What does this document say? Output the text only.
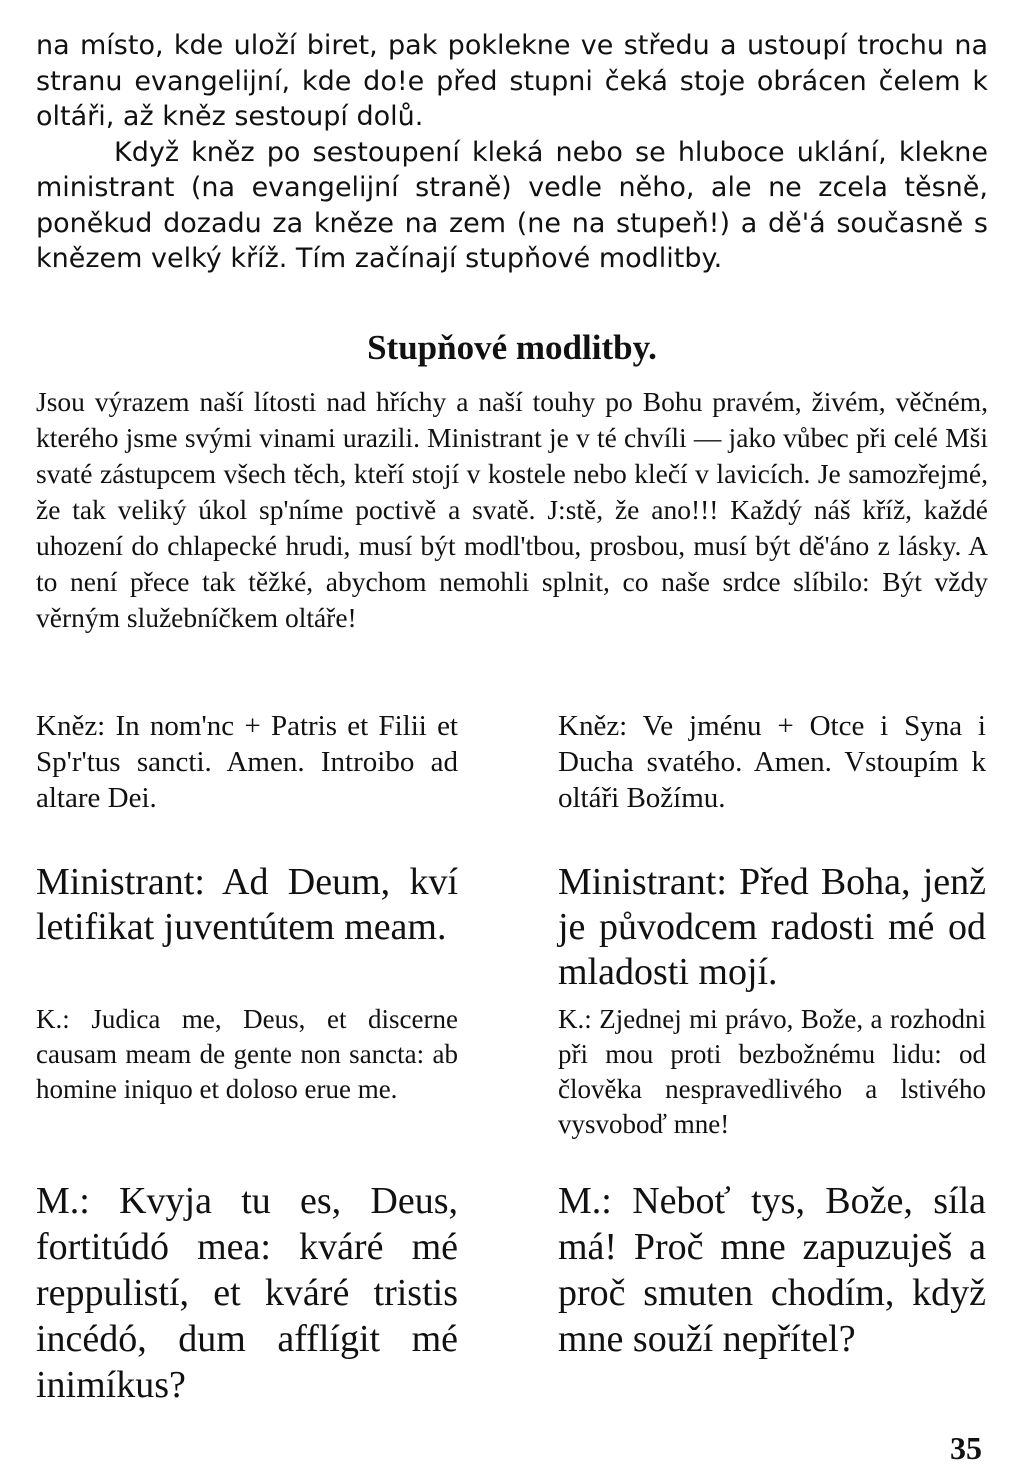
na místo, kde uloží biret, pak poklekne ve středu a ustoupí trochu na stranu evangelijní, kde do!e před stupni čeká stoje obrácen čelem k oltáři, až kněz sestoupí dolů.

Když kněz po sestoupení kleká nebo se hluboce uklání, klekne ministrant (na evangelijní straně) vedle něho, ale ne zcela těsně, poněkud dozadu za kněze na zem (ne na stupeň!) a dě'á současně s knězem velký kříž. Tím začínají stupňové modlitby.

Stupňové modlitby.

Jsou výrazem naší lítosti nad hříchy a naší touhy po Bohu pravém, živém, věčném, kterého jsme svými vinami urazili. Ministrant je v té chvíli — jako vůbec při celé Mši svaté zástupcem všech těch, kteří stojí v kostele nebo klečí v lavicích. Je samozřejmé, že tak veliký úkol sp'níme poctivě a svatě. J:stě, že ano!!! Každý náš kříž, každé uhození do chlapecké hrudi, musí být modl'tbou, prosbou, musí být dě'áno z lásky. A to není přece tak těžké, abychom nemohli splnit, co naše srdce slíbilo: Být vždy věrným služebníčkem oltáře!

Kněz: In nom'nc + Patris et Filii et Sp'r'tus sancti. Amen. Introibo ad altare Dei.

Ministrant: Ad Deum, kví letifikat juventútem meam.

K.: Judica me, Deus, et discerne causam meam de gente non sancta: ab homine iniquo et doloso erue me.

M.: Kvyja tu es, Deus, fortitúdó mea: kváré mé reppulistí, et kváré tristis incédó, dum afflígit mé inimíkus?

Kněz: Ve jménu + Otce i Syna i Ducha svatého. Amen. Vstoupím k oltáři Božímu.

Ministrant: Před Boha, jenž je původcem radosti mé od mladosti mojí.

K.: Zjednej mi právo, Bože, a rozhodni při mou proti bezbožnému lidu: od člověka nespravedlivého a lstivého vysvoboď mne!

M.: Neboť tys, Bože, síla má! Proč mne zapuzuješ a proč smuten chodím, když mne souží nepřítel?

35
